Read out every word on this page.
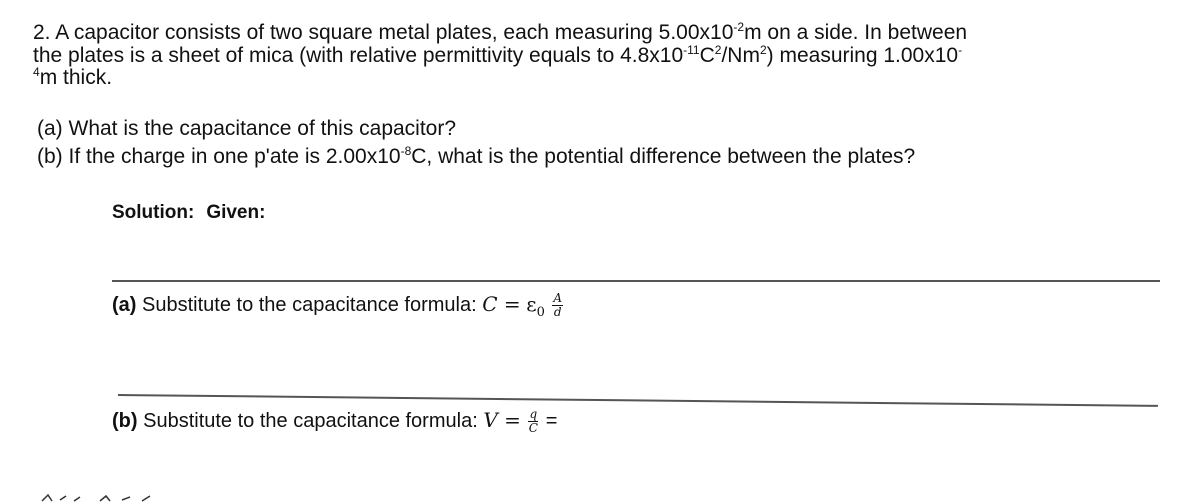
2. A capacitor consists of two square metal plates, each measuring $5.00x10^{-2}m$ on a side. In between

the plates is a sheet of mica (with relative permittivity equals to $4.8x10^{-11}C^2/Nm^2$) measuring 1.00x10-

$^4$m thick.

(a) What is the capacitance of this capacitor?
(b) If the charge in one p'ate is $2.00x10^{-8}C$, what is the potential difference between the plates?
Solution: Given:
(a) Substitute to the capacitance formula: $C = \varepsilon_0 \frac{A}{d}$
(b) Substitute to the capacitance formula: $V = \frac{q}{C}$ =
